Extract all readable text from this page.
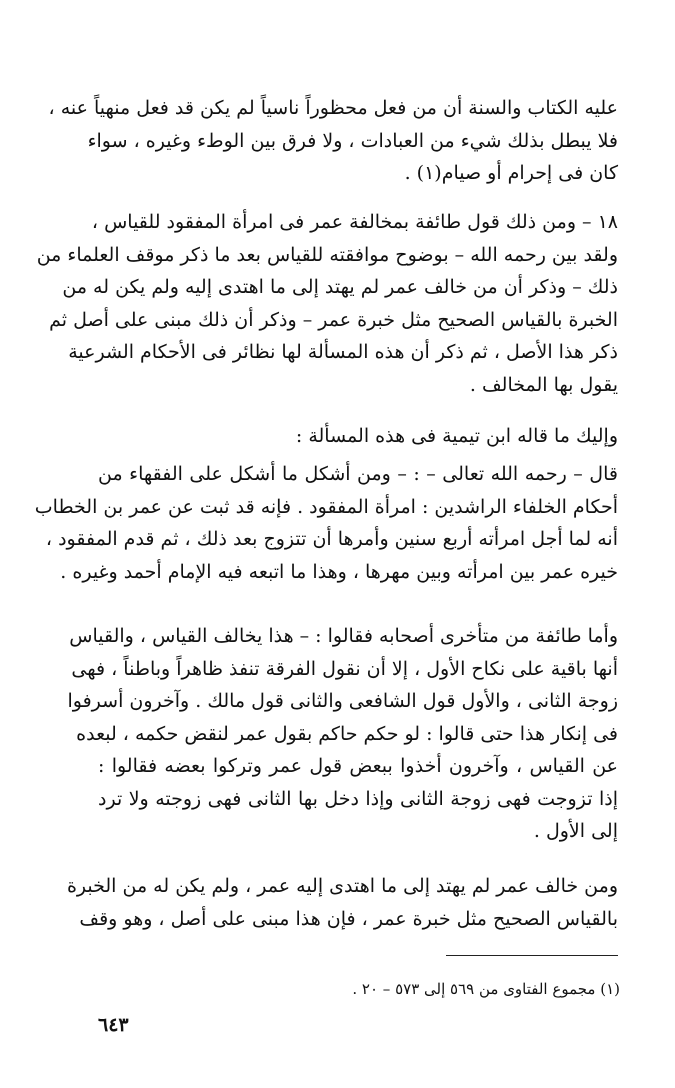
عليه الكتاب والسنة أن من فعل محظوراً ناسياً لم يكن قد فعل منهياً عنه ،
فلا يبطل بذلك شيء من العبادات ، ولا فرق بين الوطء وغيره ، سواء
كان فى إحرام أو صيام(١) .
١٨ – ومن ذلك قول طائفة بمخالفة عمر فى امرأة المفقود للقياس ،
ولقد بين رحمه الله – بوضوح موافقته للقياس بعد ما ذكر موقف العلماء من
ذلك – وذكر أن من خالف عمر لم يهتد إلى ما اهتدى إليه ولم يكن له من
الخبرة بالقياس الصحيح مثل خبرة عمر – وذكر أن ذلك مبنى على أصل ثم
ذكر هذا الأصل ، ثم ذكر أن هذه المسألة لها نظائر فى الأحكام الشرعية
يقول بها المخالف .
وإليك ما قاله ابن تيمية فى هذه المسألة :
قال – رحمه الله تعالى – : – ومن أشكل ما أشكل على الفقهاء من
أحكام الخلفاء الراشدين : امرأة المفقود . فإنه قد ثبت عن عمر بن الخطاب
أنه لما أجل امرأته أربع سنين وأمرها أن تتزوج بعد ذلك ، ثم قدم المفقود ،
خيره عمر بين امرأته وبين مهرها ، وهذا ما اتبعه فيه الإمام أحمد وغيره .
وأما طائفة من متأخرى أصحابه فقالوا : – هذا يخالف القياس ، والقياس
أنها باقية على نكاح الأول ، إلا أن نقول الفرقة تنفذ ظاهراً وباطناً ، فهى
زوجة الثانى ، والأول قول الشافعى والثانى قول مالك . وآخرون أسرفوا
فى إنكار هذا حتى قالوا : لو حكم حاكم بقول عمر لنقض حكمه ، لبعده
عن القياس ، وآخرون أخذوا ببعض قول عمر وتركوا بعضه فقالوا :
إذا تزوجت فهى زوجة الثانى وإذا دخل بها الثانى فهى زوجته ولا ترد
إلى الأول .
ومن خالف عمر لم يهتد إلى ما اهتدى إليه عمر ، ولم يكن له من الخبرة
بالقياس الصحيح مثل خبرة عمر ، فإن هذا مبنى على أصل ، وهو وقف
(١) مجموع الفتاوى من ٥٦٩ إلى ٥٧٣ – ٢٠ .
٦٤٣
